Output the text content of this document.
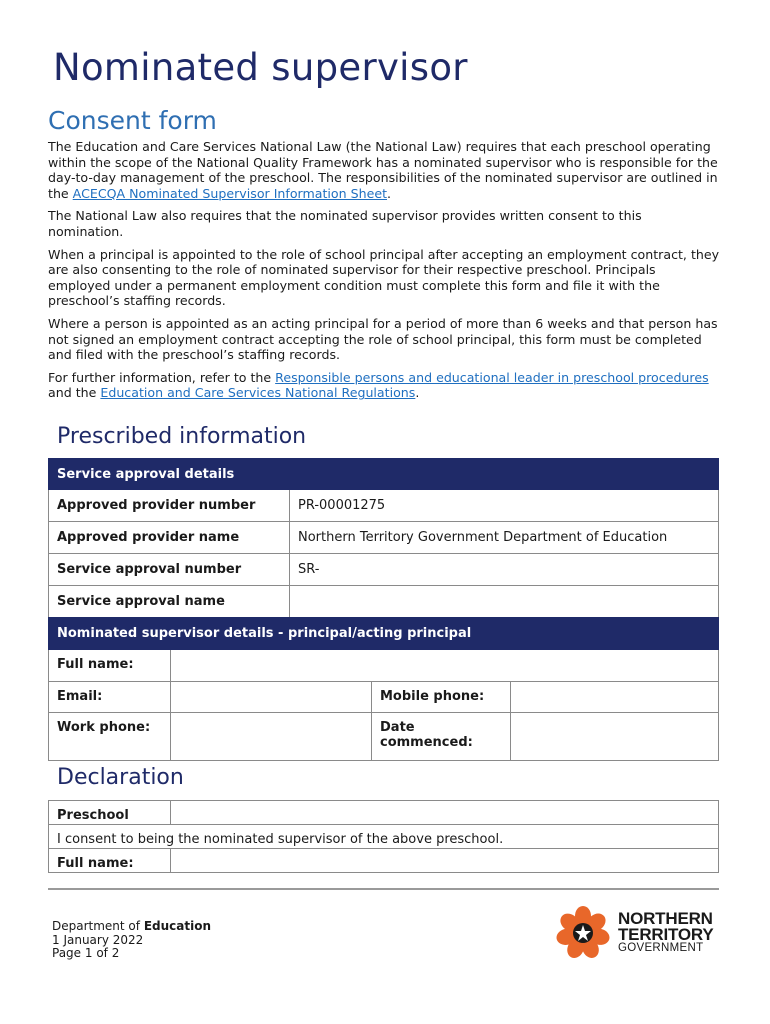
Nominated supervisor
Consent form

The Education and Care Services National Law (the National Law) requires that each preschool operating within the scope of the National Quality Framework has a nominated supervisor who is responsible for the day-to-day management of the preschool. The responsibilities of the nominated supervisor are outlined in the ACECQA Nominated Supervisor Information Sheet.

The National Law also requires that the nominated supervisor provides written consent to this nomination.

When a principal is appointed to the role of school principal after accepting an employment contract, they are also consenting to the role of nominated supervisor for their respective preschool. Principals employed under a permanent employment condition must complete this form and file it with the preschool’s staffing records.

Where a person is appointed as an acting principal for a period of more than 6 weeks and that person has not signed an employment contract accepting the role of school principal, this form must be completed and filed with the preschool’s staffing records.

For further information, refer to the Responsible persons and educational leader in preschool procedures and the Education and Care Services National Regulations.

Prescribed information
Service approval details	
Approved provider number	PR-00001275
Approved provider name	Northern Territory Government Department of Education
Service approval number	SR-
Service approval name	
Nominated supervisor details - principal/acting principal			
Full name:			
Email:		Mobile phone:	
Work phone:		Date commenced:	
Declaration
Preschool	
I consent to being the nominated supervisor of the above preschool.	
Full name:	
Department of Education
1 January 2022
Page 1 of 2
NORTHERN
TERRITORY
GOVERNMENT
